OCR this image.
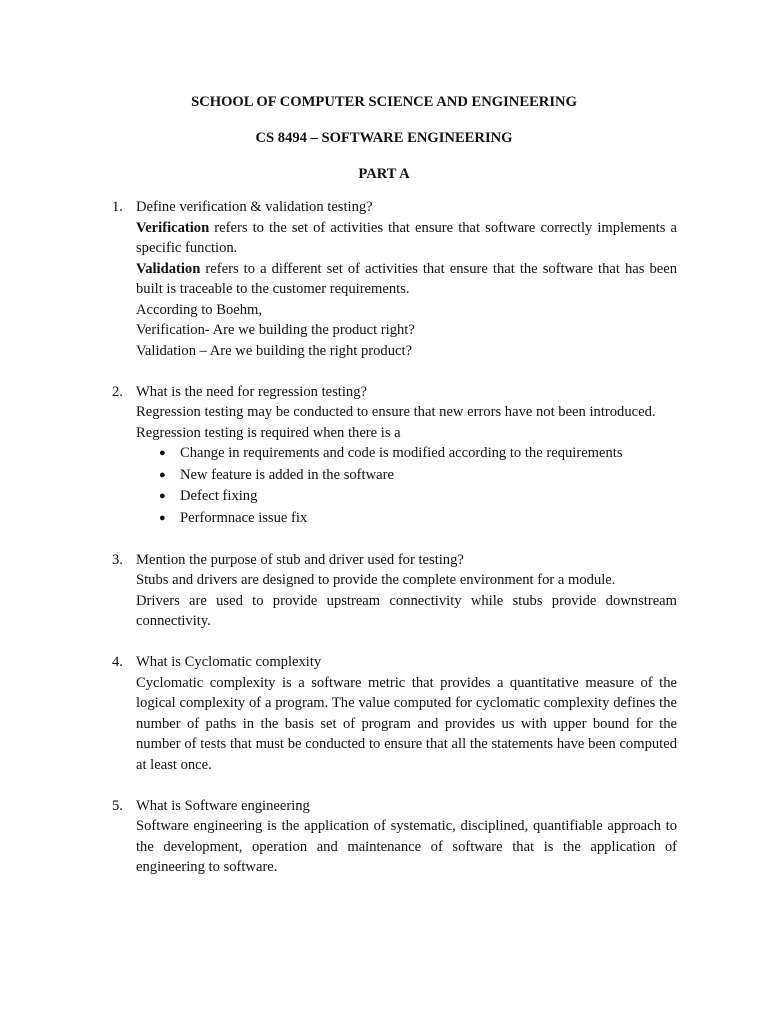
SCHOOL OF COMPUTER SCIENCE AND ENGINEERING
CS 8494 – SOFTWARE ENGINEERING
PART A
1. Define verification & validation testing?
Verification refers to the set of activities that ensure that software correctly implements a specific function.
Validation refers to a different set of activities that ensure that the software that has been built is traceable to the customer requirements.
According to Boehm,
Verification- Are we building the product right?
Validation – Are we building the right product?
2. What is the need for regression testing?
Regression testing may be conducted to ensure that new errors have not been introduced.
Regression testing is required when there is a
● Change in requirements and code is modified according to the requirements
● New feature is added in the software
● Defect fixing
● Performnace issue fix
3. Mention the purpose of stub and driver used for testing?
Stubs and drivers are designed to provide the complete environment for a module.
Drivers are used to provide upstream connectivity while stubs provide downstream connectivity.
4. What is Cyclomatic complexity
Cyclomatic complexity is a software metric that provides a quantitative measure of the logical complexity of a program. The value computed for cyclomatic complexity defines the number of paths in the basis set of program and provides us with upper bound for the number of tests that must be conducted to ensure that all the statements have been computed at least once.
5. What is Software engineering
Software engineering is the application of systematic, disciplined, quantifiable approach to the development, operation and maintenance of software that is the application of engineering to software.
